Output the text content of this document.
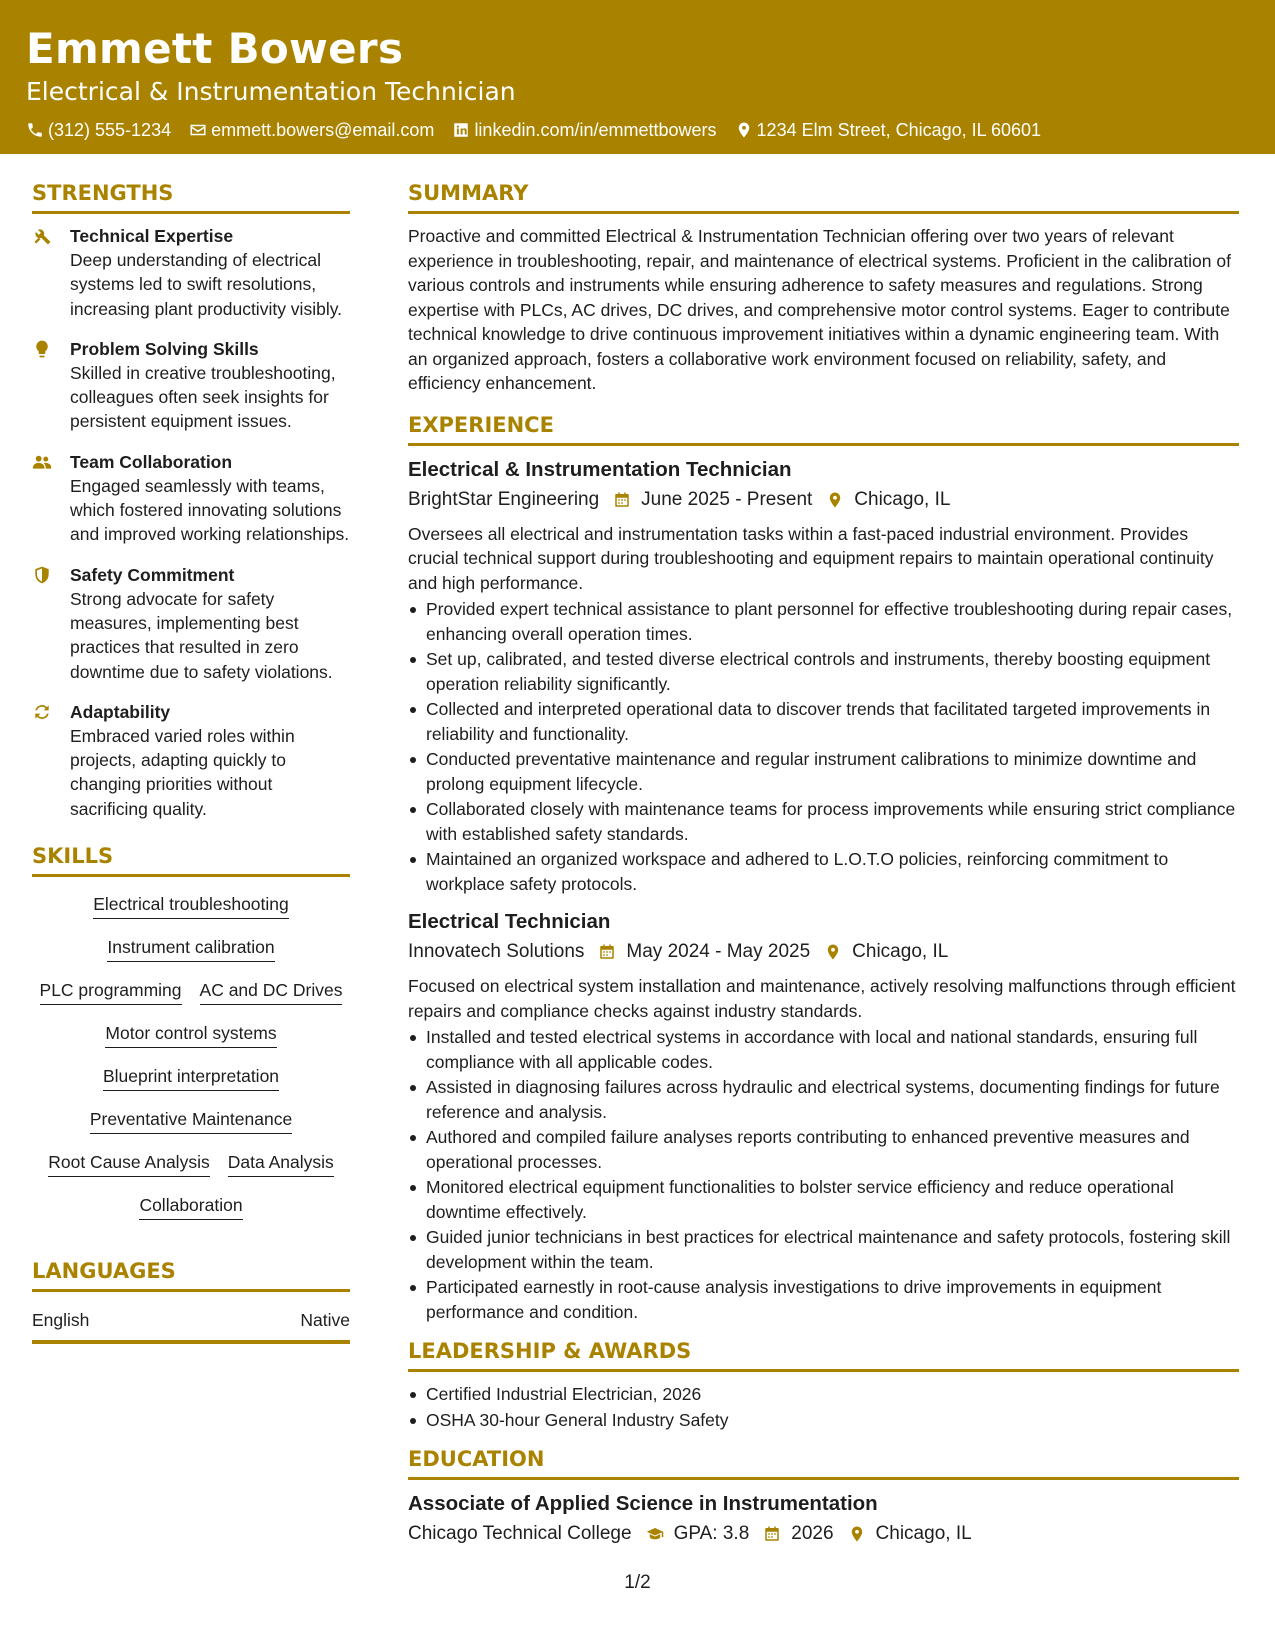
Emmett Bowers
Electrical & Instrumentation Technician
(312) 555-1234 emmett.bowers@email.com linkedin.com/in/emmettbowers 1234 Elm Street, Chicago, IL 60601
STRENGTHS
Technical Expertise
Deep understanding of electrical systems led to swift resolutions, increasing plant productivity visibly.
Problem Solving Skills
Skilled in creative troubleshooting, colleagues often seek insights for persistent equipment issues.
Team Collaboration
Engaged seamlessly with teams, which fostered innovating solutions and improved working relationships.
Safety Commitment
Strong advocate for safety measures, implementing best practices that resulted in zero downtime due to safety violations.
Adaptability
Embraced varied roles within projects, adapting quickly to changing priorities without sacrificing quality.
SKILLS
Electrical troubleshooting
Instrument calibration
PLC programming AC and DC Drives
Motor control systems
Blueprint interpretation
Preventative Maintenance
Root Cause Analysis Data Analysis
Collaboration
LANGUAGES
English	Native
SUMMARY
Proactive and committed Electrical & Instrumentation Technician offering over two years of relevant experience in troubleshooting, repair, and maintenance of electrical systems. Proficient in the calibration of various controls and instruments while ensuring adherence to safety measures and regulations. Strong expertise with PLCs, AC drives, DC drives, and comprehensive motor control systems. Eager to contribute technical knowledge to drive continuous improvement initiatives within a dynamic engineering team. With an organized approach, fosters a collaborative work environment focused on reliability, safety, and efficiency enhancement.
EXPERIENCE
Electrical & Instrumentation Technician
BrightStar Engineering June 2025 - Present Chicago, IL
Oversees all electrical and instrumentation tasks within a fast-paced industrial environment. Provides crucial technical support during troubleshooting and equipment repairs to maintain operational continuity and high performance.
Provided expert technical assistance to plant personnel for effective troubleshooting during repair cases, enhancing overall operation times.
Set up, calibrated, and tested diverse electrical controls and instruments, thereby boosting equipment operation reliability significantly.
Collected and interpreted operational data to discover trends that facilitated targeted improvements in reliability and functionality.
Conducted preventative maintenance and regular instrument calibrations to minimize downtime and prolong equipment lifecycle.
Collaborated closely with maintenance teams for process improvements while ensuring strict compliance with established safety standards.
Maintained an organized workspace and adhered to L.O.T.O policies, reinforcing commitment to workplace safety protocols.
Electrical Technician
Innovatech Solutions May 2024 - May 2025 Chicago, IL
Focused on electrical system installation and maintenance, actively resolving malfunctions through efficient repairs and compliance checks against industry standards.
Installed and tested electrical systems in accordance with local and national standards, ensuring full compliance with all applicable codes.
Assisted in diagnosing failures across hydraulic and electrical systems, documenting findings for future reference and analysis.
Authored and compiled failure analyses reports contributing to enhanced preventive measures and operational processes.
Monitored electrical equipment functionalities to bolster service efficiency and reduce operational downtime effectively.
Guided junior technicians in best practices for electrical maintenance and safety protocols, fostering skill development within the team.
Participated earnestly in root-cause analysis investigations to drive improvements in equipment performance and condition.
LEADERSHIP & AWARDS
Certified Industrial Electrician, 2026
OSHA 30-hour General Industry Safety
EDUCATION
Associate of Applied Science in Instrumentation
Chicago Technical College GPA: 3.8 2026 Chicago, IL
1/2
